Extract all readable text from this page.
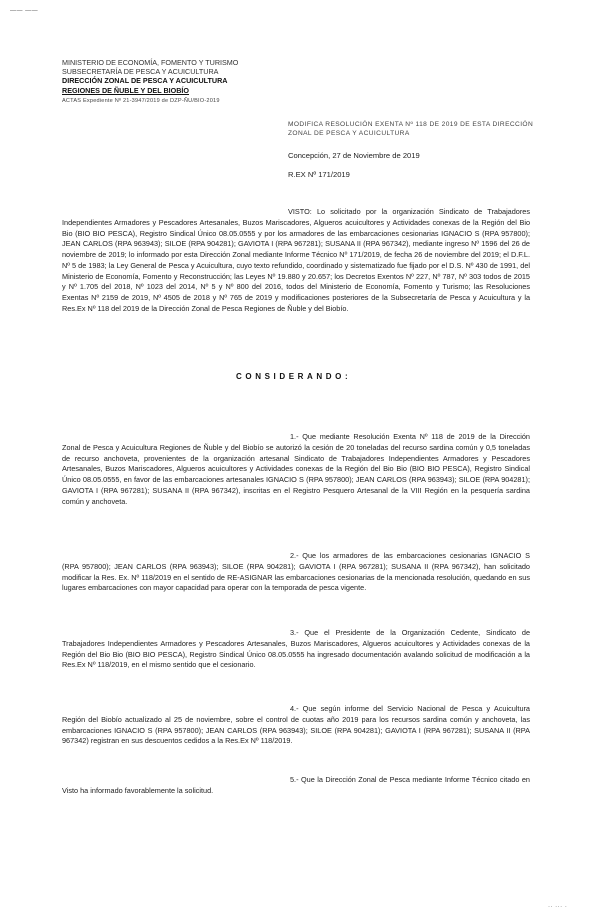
—— ——
MINISTERIO DE ECONOMÍA, FOMENTO Y TURISMO
SUBSECRETARÍA DE PESCA Y ACUICULTURA
DIRECCIÓN ZONAL DE PESCA Y ACUICULTURA
REGIONES DE ÑUBLE Y DEL BIOBÍO
ACTAS Expediente Nº 21-3947/2019 de DZP-ÑU/BIO-2019
MODIFICA RESOLUCIÓN EXENTA Nº 118 DE 2019 DE ESTA DIRECCIÓN ZONAL DE PESCA Y ACUICULTURA
Concepción, 27 de Noviembre de 2019
R.EX Nº 171/2019
VISTO: Lo solicitado por la organización Sindicato de Trabajadores Independientes Armadores y Pescadores Artesanales, Buzos Mariscadores, Algueros acuicultores y Actividades conexas de la Región del Bio Bio (BIO BIO PESCA), Registro Sindical Único 08.05.0555 y por los armadores de las embarcaciones cesionarias IGNACIO S (RPA 957800); JEAN CARLOS (RPA 963943); SILOE (RPA 904281); GAVIOTA I (RPA 967281); SUSANA II (RPA 967342), mediante ingreso Nº 1596 del 26 de noviembre de 2019; lo informado por esta Dirección Zonal mediante Informe Técnico Nº 171/2019, de fecha 26 de noviembre del 2019; el D.F.L. Nº 5 de 1983; la Ley General de Pesca y Acuicultura, cuyo texto refundido, coordinado y sistematizado fue fijado por el D.S. Nº 430 de 1991, del Ministerio de Economía, Fomento y Reconstrucción; las Leyes Nº 19.880 y 20.657; los Decretos Exentos Nº 227, Nº 787, Nº 303 todos de 2015 y Nº 1.705 del 2018, Nº 1023 del 2014, Nº 5 y Nº 800 del 2016, todos del Ministerio de Economía, Fomento y Turismo; las Resoluciones Exentas Nº 2159 de 2019, Nº 4505 de 2018 y Nº 765 de 2019 y modificaciones posteriores de la Subsecretaría de Pesca y Acuicultura y la Res.Ex Nº 118 del 2019 de la Dirección Zonal de Pesca Regiones de Ñuble y del Biobío.
CONSIDERANDO:
1.- Que mediante Resolución Exenta Nº 118 de 2019 de la Dirección Zonal de Pesca y Acuicultura Regiones de Ñuble y del Biobío se autorizó la cesión de 20 toneladas del recurso sardina común y 0,5 toneladas de recurso anchoveta, provenientes de la organización artesanal Sindicato de Trabajadores Independientes Armadores y Pescadores Artesanales, Buzos Mariscadores, Algueros acuicultores y Actividades conexas de la Región del Bio Bio (BIO BIO PESCA), Registro Sindical Único 08.05.0555, en favor de las embarcaciones artesanales IGNACIO S (RPA 957800); JEAN CARLOS (RPA 963943); SILOE (RPA 904281); GAVIOTA I (RPA 967281); SUSANA II (RPA 967342), inscritas en el Registro Pesquero Artesanal de la VIII Región en la pesquería sardina común y anchoveta.
2.- Que los armadores de las embarcaciones cesionarias IGNACIO S (RPA 957800); JEAN CARLOS (RPA 963943); SILOE (RPA 904281); GAVIOTA I (RPA 967281); SUSANA II (RPA 967342), han solicitado modificar la Res. Ex. Nº 118/2019 en el sentido de RE-ASIGNAR las embarcaciones cesionarias de la mencionada resolución, quedando en sus lugares embarcaciones con mayor capacidad para operar con la temporada de pesca vigente.
3.- Que el Presidente de la Organización Cedente, Sindicato de Trabajadores Independientes Armadores y Pescadores Artesanales, Buzos Mariscadores, Algueros acuicultores y Actividades conexas de la Región del Bio Bio (BIO BIO PESCA), Registro Sindical Único 08.05.0555 ha ingresado documentación avalando solicitud de modificación a la Res.Ex Nº 118/2019, en el mismo sentido que el cesionario.
4.- Que según informe del Servicio Nacional de Pesca y Acuicultura Región del Biobío actualizado al 25 de noviembre, sobre el control de cuotas año 2019 para los recursos sardina común y anchoveta, las embarcaciones IGNACIO S (RPA 957800); JEAN CARLOS (RPA 963943); SILOE (RPA 904281); GAVIOTA I (RPA 967281); SUSANA II (RPA 967342) registran en sus descuentos cedidos a la Res.Ex Nº 118/2019.
5.- Que la Dirección Zonal de Pesca mediante Informe Técnico citado en Visto ha informado favorablemente la solicitud.
·· ··· ·
